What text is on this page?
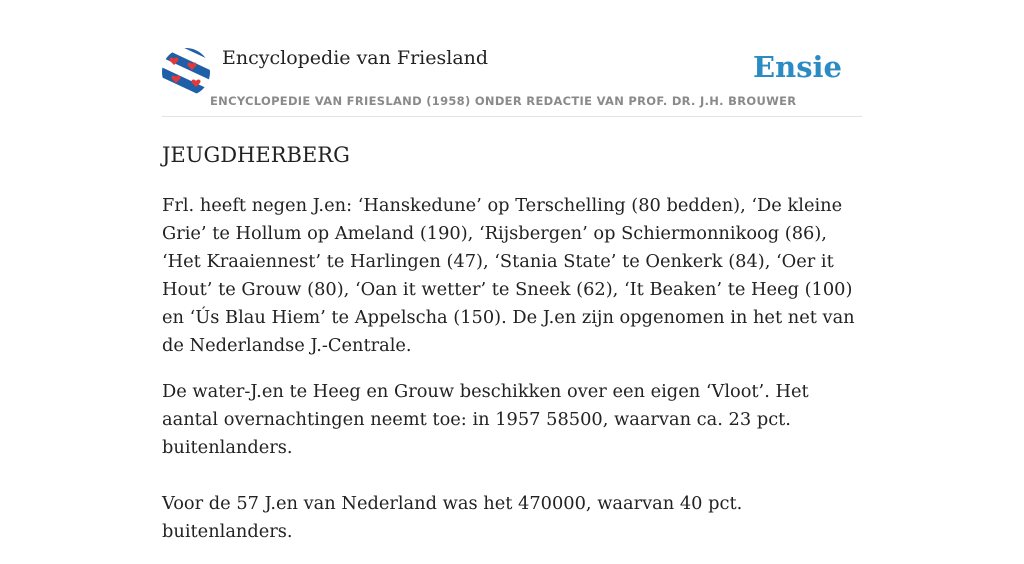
Encyclopedie van Friesland
ENCYCLOPEDIE VAN FRIESLAND (1958) ONDER REDACTIE VAN PROF. DR. J.H. BROUWER
Ensie
JEUGDHERBERG

Frl. heeft negen J.en: ‘Hanskedune’ op Terschelling (80 bedden), ‘De kleine Grie’ te Hollum op Ameland (190), ‘Rijsbergen’ op Schiermonnikoog (86), ‘Het Kraaiennest’ te Harlingen (47), ‘Stania State’ te Oenkerk (84), ‘Oer it Hout’ te Grouw (80), ‘Oan it wetter’ te Sneek (62), ‘It Beaken’ te Heeg (100) en ‘Ús Blau Hiem’ te Appelscha (150). De J.en zijn opgenomen in het net van de Nederlandse J.-Centrale.

De water-J.en te Heeg en Grouw beschikken over een eigen ‘Vloot’. Het aantal overnachtingen neemt toe: in 1957 58500, waarvan ca. 23 pct. buitenlanders.

Voor de 57 J.en van Nederland was het 470000, waarvan 40 pct. buitenlanders.
